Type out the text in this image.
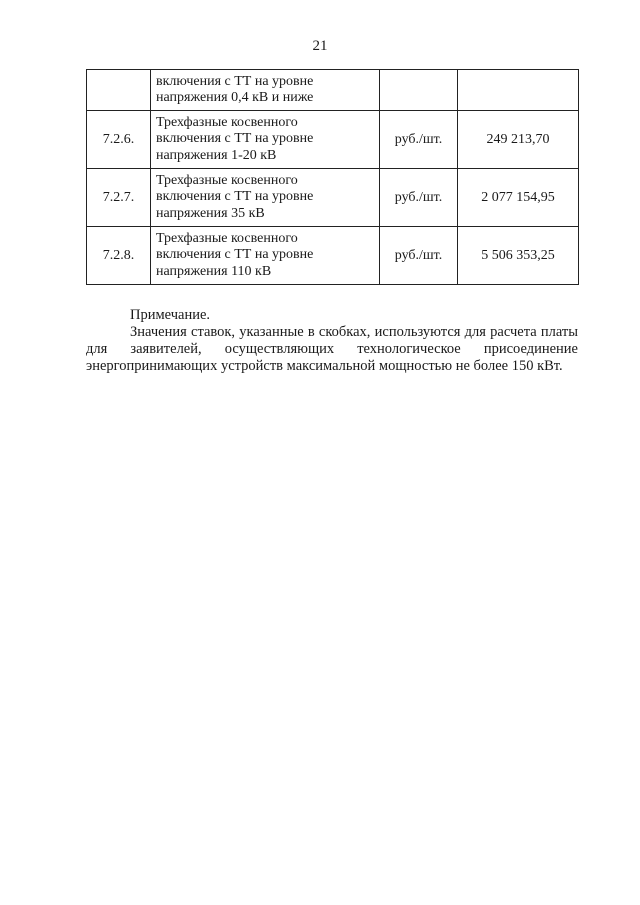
21

	включения с ТТ на уровне
напряжения 0,4 кВ и ниже		

7.2.6.	Трехфазные косвенного
включения с ТТ на уровне
напряжения 1-20 кВ	руб./шт.	249 213,70
7.2.7.	Трехфазные косвенного
включения с ТТ на уровне
напряжения 35 кВ	руб./шт.	2 077 154,95
7.2.8.	Трехфазные косвенного
включения с ТТ на уровне
напряжения 110 кВ	руб./шт.	5 506 353,25
Примечание.
Значения ставок, указанные в скобках, используются для расчета платы
для заявителей, осуществляющих технологическое присоединение
энергопринимающих устройств максимальной мощностью не более 150 кВт.
